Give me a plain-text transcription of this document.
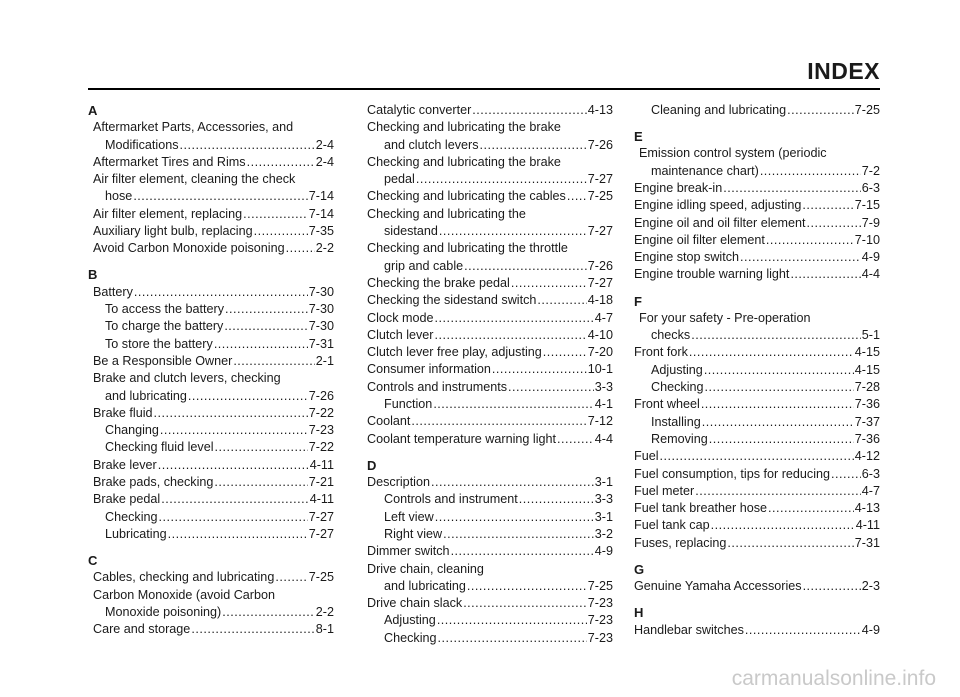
INDEX
A
Aftermarket Parts, Accessories, and
Modifications .....	2-4
Aftermarket Tires and Rims .....	2-4
Air filter element, cleaning the check
hose .....	7-14
Air filter element, replacing .....	7-14
Auxiliary light bulb, replacing .....	7-35
Avoid Carbon Monoxide poisoning ..... 2-2
B
Battery .....	7-30
To access the battery .....	7-30
To charge the battery .....	7-30
To store the battery .....	7-31
Be a Responsible Owner .....	2-1
Brake and clutch levers, checking
and lubricating .....	7-26
Brake fluid .....	7-22
Changing .....	7-23
Checking fluid level .....	7-22
Brake lever .....	4-11
Brake pads, checking .....	7-21
Brake pedal .....	4-11
Checking .....	7-27
Lubricating .....	7-27
C
Cables, checking and lubricating .....	7-25
Carbon Monoxide (avoid Carbon
Monoxide poisoning) .....	2-2
Care and storage .....	8-1
Catalytic converter .....	4-13
Checking and lubricating the brake
and clutch levers .....	7-26
Checking and lubricating the brake
pedal .....	7-27
Checking and lubricating the cables ..... 7-25
Checking and lubricating the
sidestand .....	7-27
Checking and lubricating the throttle
grip and cable .....	7-26
Checking the brake pedal .....	7-27
Checking the sidestand switch .....	4-18
Clock mode .....	4-7
Clutch lever .....	4-10
Clutch lever free play, adjusting .....	7-20
Consumer information .....	10-1
Controls and instruments .....	3-3
Function .....	4-1
Coolant .....	7-12
Coolant temperature warning light .....	4-4
D
Description .....	3-1
Controls and instrument .....	3-3
Left view .....	3-1
Right view .....	3-2
Dimmer switch .....	4-9
Drive chain, cleaning
and lubricating .....	7-25
Drive chain slack .....	7-23
Adjusting .....	7-23
Checking .....	7-23
Cleaning and lubricating .....	7-25
E
Emission control system (periodic
maintenance chart) .....	7-2
Engine break-in .....	6-3
Engine idling speed, adjusting .....	7-15
Engine oil and oil filter element .....	7-9
Engine oil filter element .....	7-10
Engine stop switch .....	4-9
Engine trouble warning light .....	4-4
F
For your safety - Pre-operation
checks .....	5-1
Front fork .....	4-15
Adjusting .....	4-15
Checking .....	7-28
Front wheel .....	7-36
Installing .....	7-37
Removing .....	7-36
Fuel .....	4-12
Fuel consumption, tips for reducing .....	6-3
Fuel meter .....	4-7
Fuel tank breather hose .....	4-13
Fuel tank cap .....	4-11
Fuses, replacing .....	7-31
G
Genuine Yamaha Accessories .....	2-3
H
Handlebar switches .....	4-9
carmanualsonline.info
